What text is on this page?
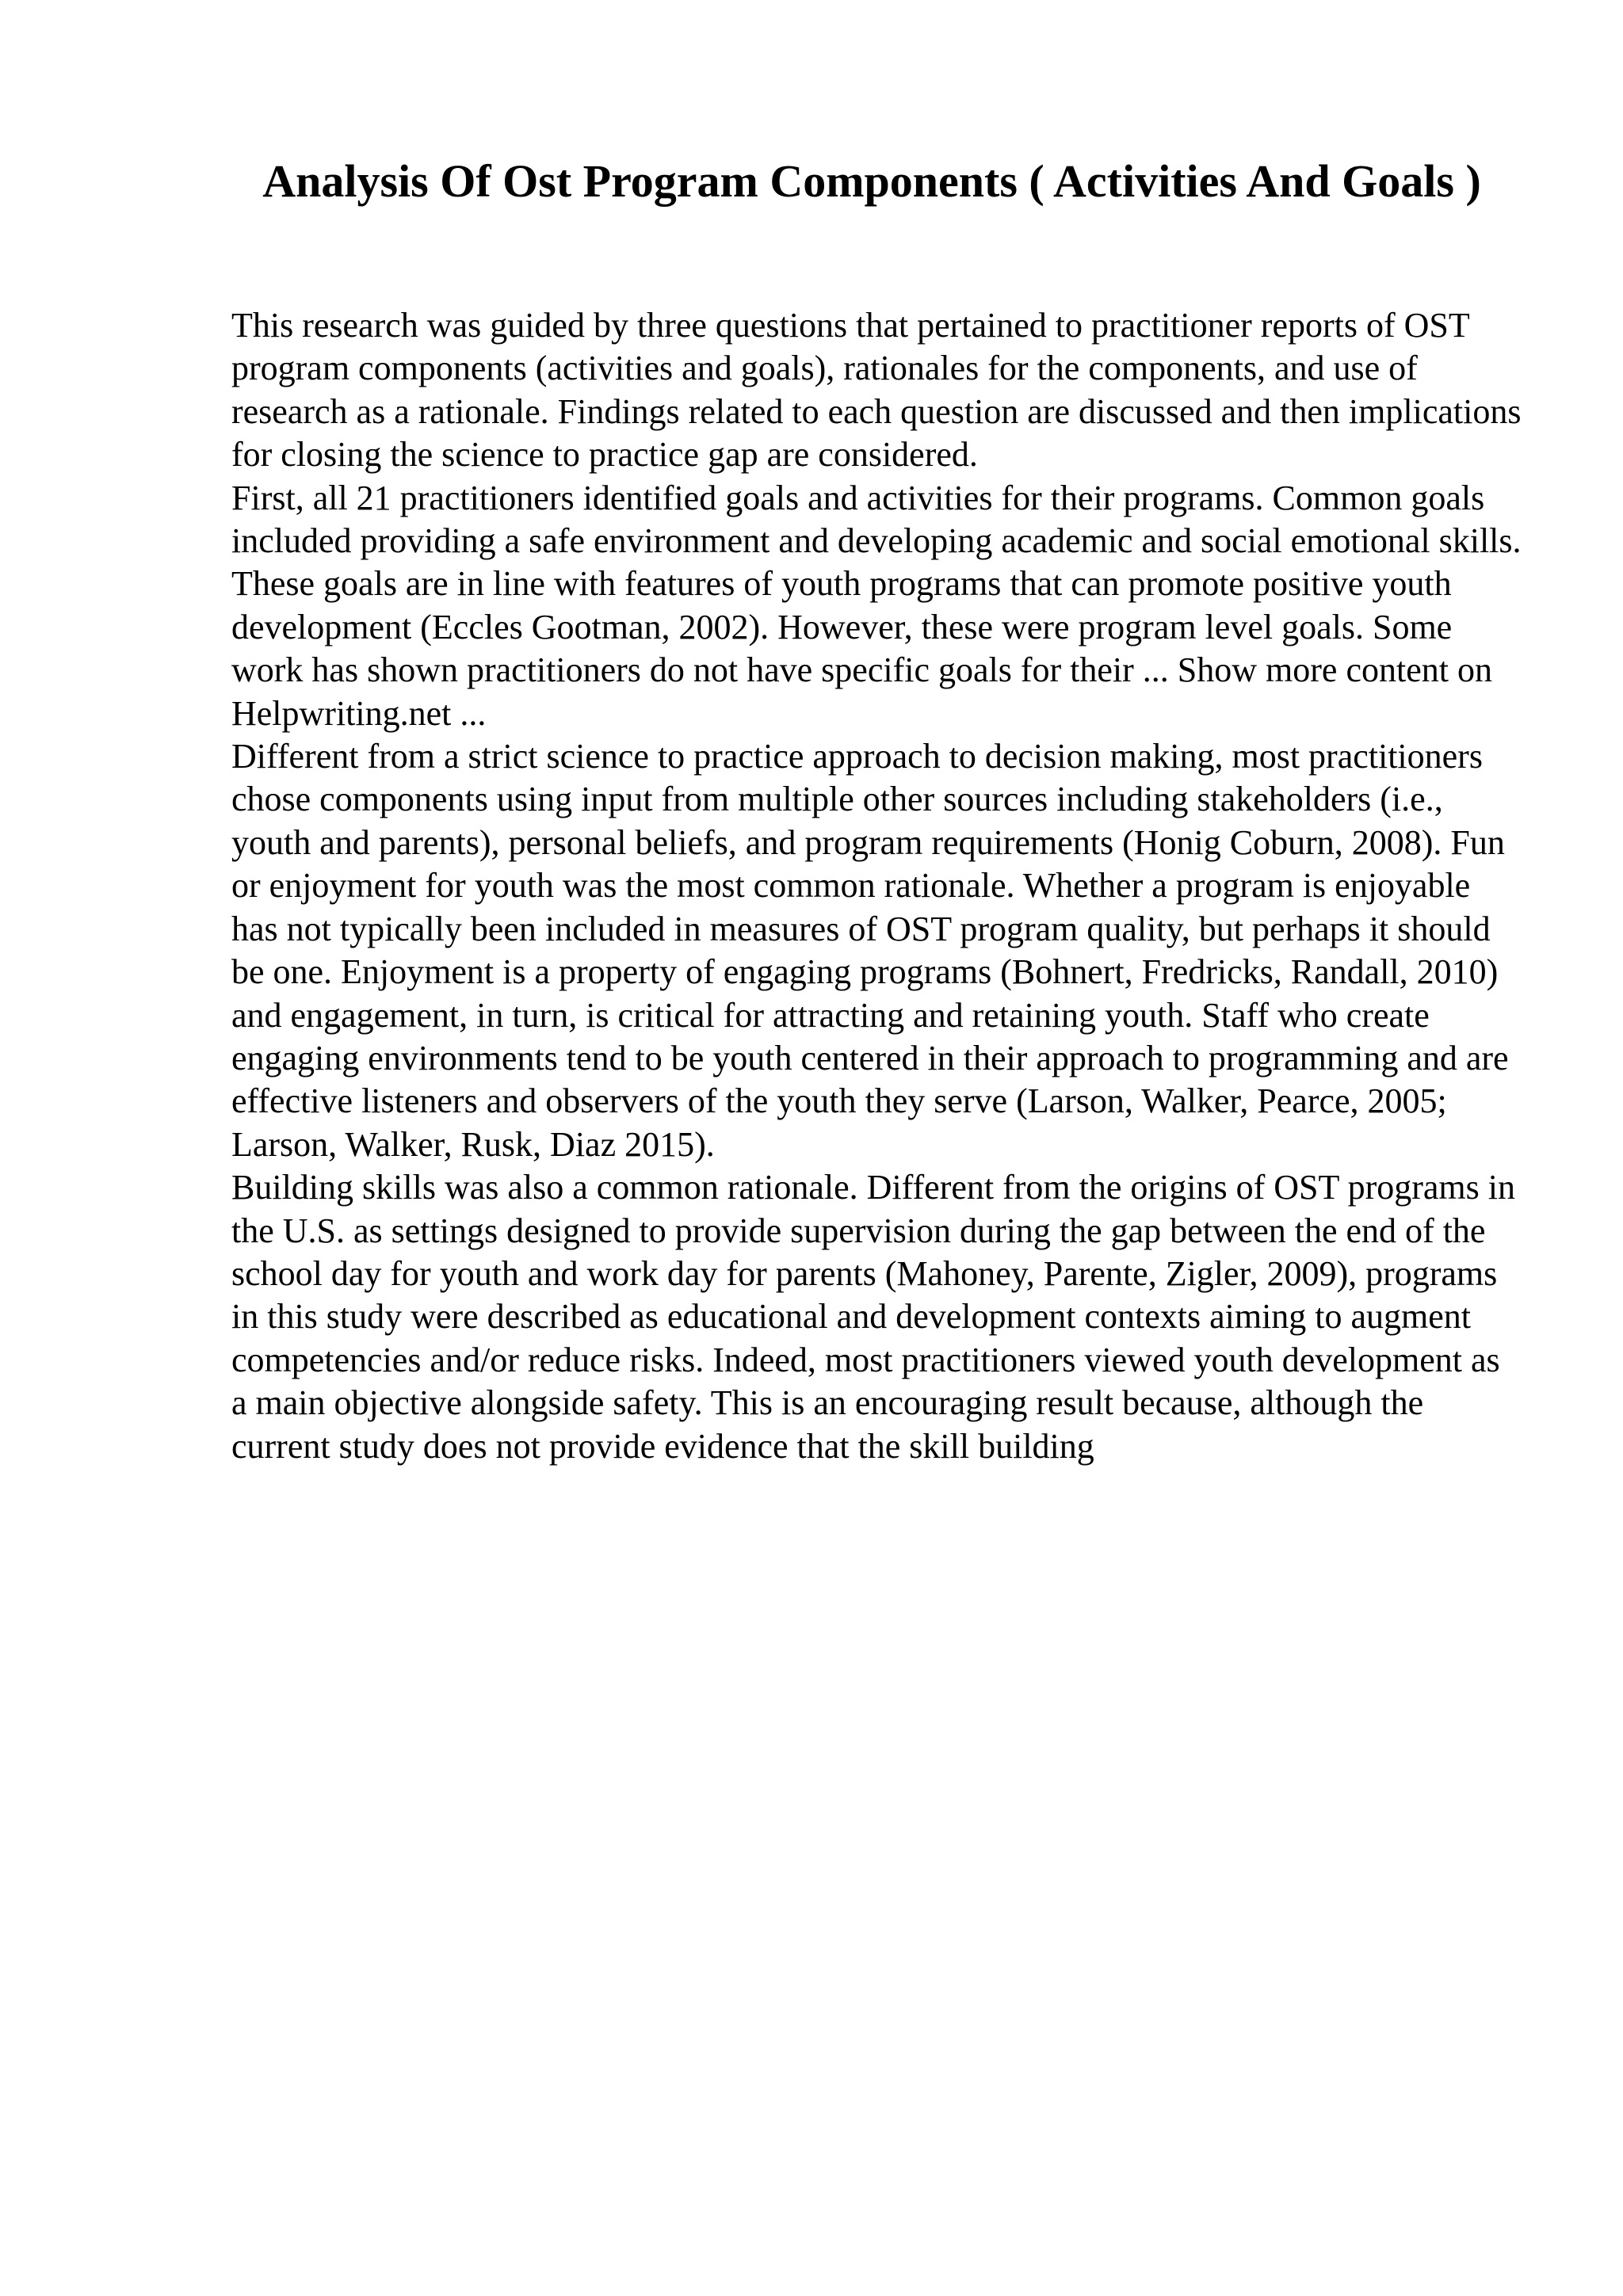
Analysis Of Ost Program Components ( Activities And Goals )

This research was guided by three questions that pertained to practitioner reports of OST program components (activities and goals), rationales for the components, and use of research as a rationale. Findings related to each question are discussed and then implications for closing the science to practice gap are considered.

First, all 21 practitioners identified goals and activities for their programs. Common goals included providing a safe environment and developing academic and social emotional skills. These goals are in line with features of youth programs that can promote positive youth development (Eccles Gootman, 2002). However, these were program level goals. Some work has shown practitioners do not have specific goals for their ... Show more content on Helpwriting.net ...

Different from a strict science to practice approach to decision making, most practitioners chose components using input from multiple other sources including stakeholders (i.e., youth and parents), personal beliefs, and program requirements (Honig Coburn, 2008). Fun or enjoyment for youth was the most common rationale. Whether a program is enjoyable has not typically been included in measures of OST program quality, but perhaps it should be one. Enjoyment is a property of engaging programs (Bohnert, Fredricks, Randall, 2010) and engagement, in turn, is critical for attracting and retaining youth. Staff who create engaging environments tend to be youth centered in their approach to programming and are effective listeners and observers of the youth they serve (Larson, Walker, Pearce, 2005; Larson, Walker, Rusk, Diaz 2015).

Building skills was also a common rationale. Different from the origins of OST programs in the U.S. as settings designed to provide supervision during the gap between the end of the school day for youth and work day for parents (Mahoney, Parente, Zigler, 2009), programs in this study were described as educational and development contexts aiming to augment competencies and/or reduce risks. Indeed, most practitioners viewed youth development as a main objective alongside safety. This is an encouraging result because, although the current study does not provide evidence that the skill building
